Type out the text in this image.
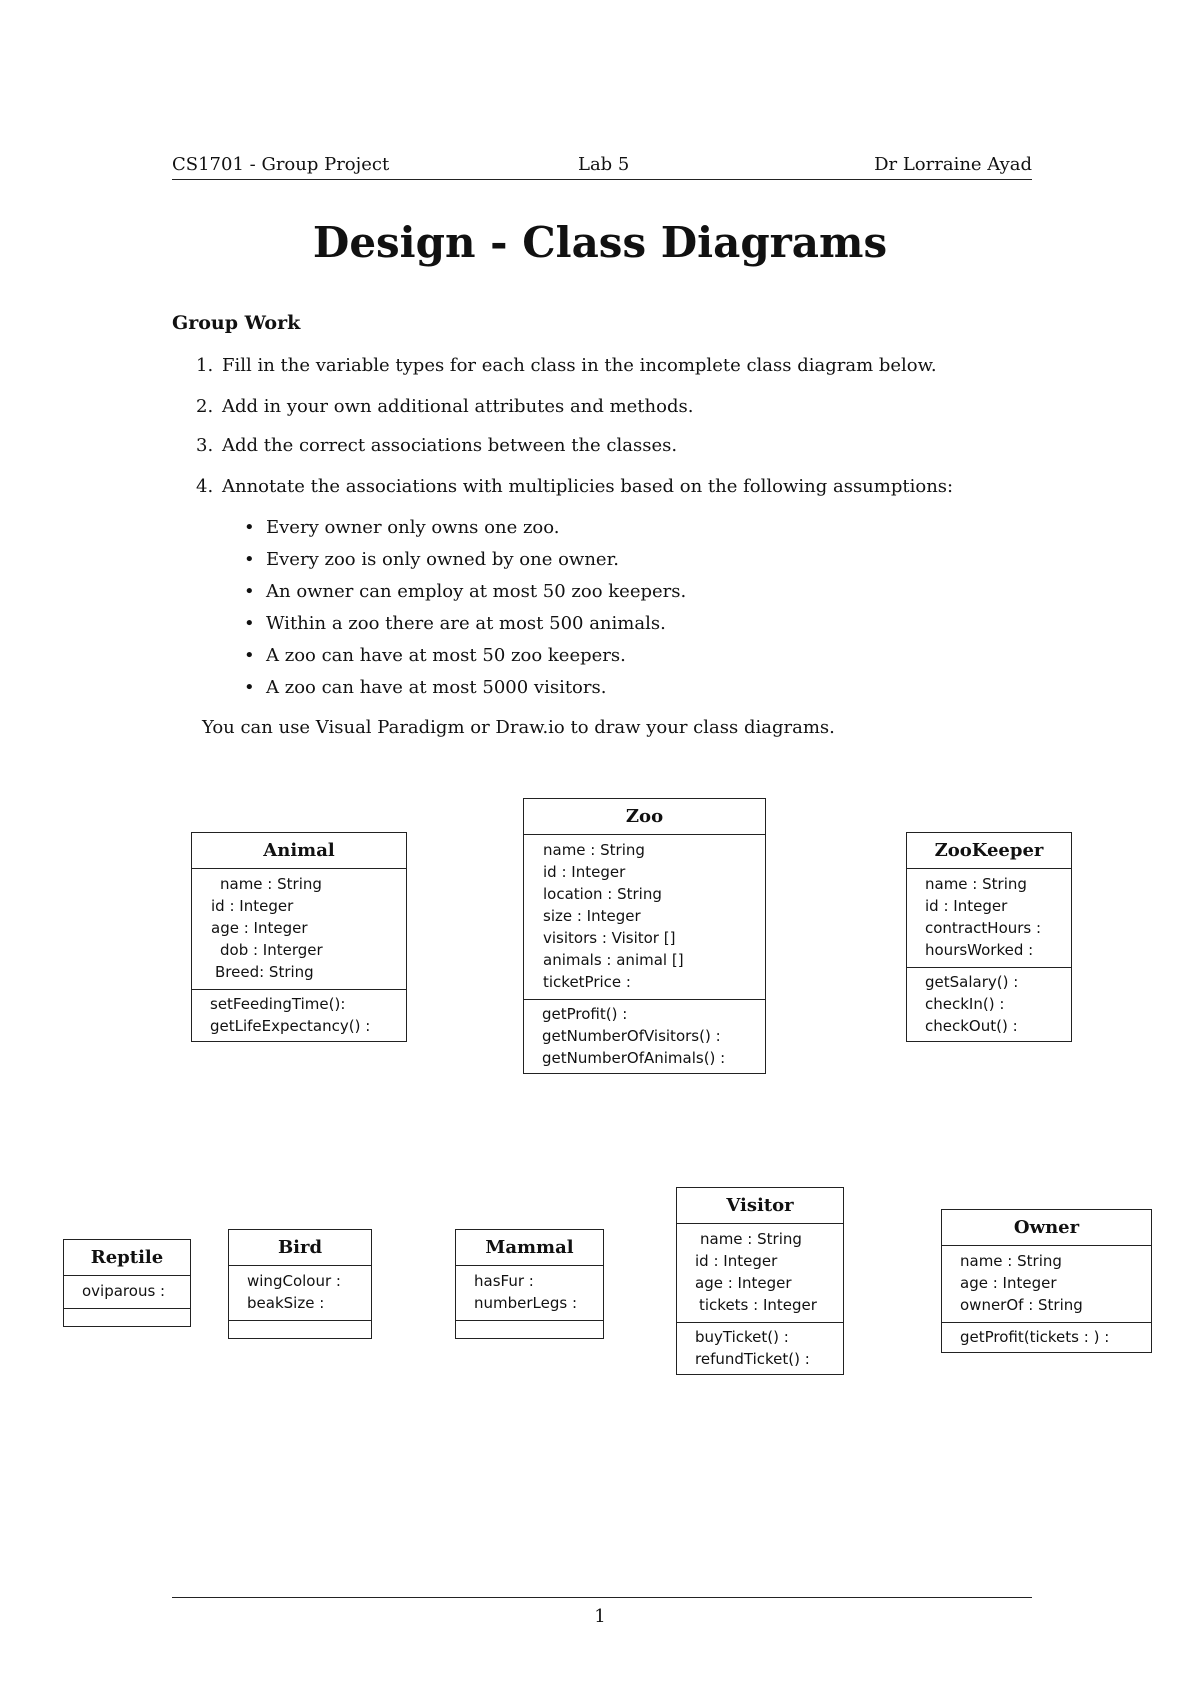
CS1701 - Group Project	Lab 5	Dr Lorraine Ayad
Design - Class Diagrams
Group Work
1. Fill in the variable types for each class in the incomplete class diagram below.
2. Add in your own additional attributes and methods.
3. Add the correct associations between the classes.
4. Annotate the associations with multiplicies based on the following assumptions:
• Every owner only owns one zoo.
• Every zoo is only owned by one owner.
• An owner can employ at most 50 zoo keepers.
• Within a zoo there are at most 500 animals.
• A zoo can have at most 50 zoo keepers.
• A zoo can have at most 5000 visitors.
You can use Visual Paradigm or Draw.io to draw your class diagrams.
Animal
name : String
id : Integer
age : Integer
dob : Interger
Breed: String
setFeedingTime():
getLifeExpectancy() :
Zoo
name : String
id : Integer
location : String
size : Integer
visitors : Visitor []
animals : animal []
ticketPrice :
getProfit() :
getNumberOfVisitors() :
getNumberOfAnimals() :
ZooKeeper
name : String
id : Integer
contractHours :
hoursWorked :
getSalary() :
checkIn() :
checkOut() :
Reptile
oviparous :
Bird
wingColour :
beakSize :
Mammal
hasFur :
numberLegs :
Visitor
name : String
id : Integer
age : Integer
tickets : Integer
buyTicket() :
refundTicket() :
Owner
name : String
age : Integer
ownerOf : String
getProfit(tickets : ) :
1
